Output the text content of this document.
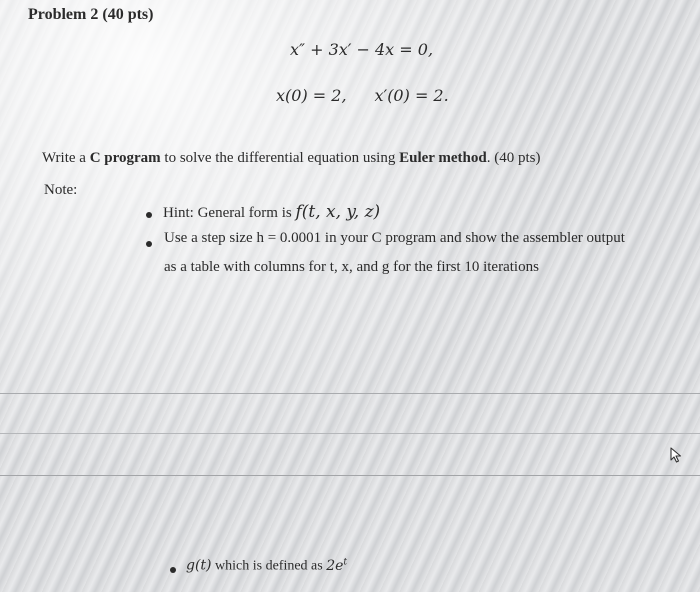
Problem 2 (40 pts)
x″ + 3x′ − 4x = 0,
x(0) = 2, x′(0) = 2.
Write a C program to solve the differential equation using Euler method. (40 pts)
Note:
Hint: General form is f(t, x, y, z)
Use a step size h = 0.0001 in your C program and show the assembler output
as a table with columns for t, x, and g for the first 10 iterations
g(t) which is defined as $2e^t$
